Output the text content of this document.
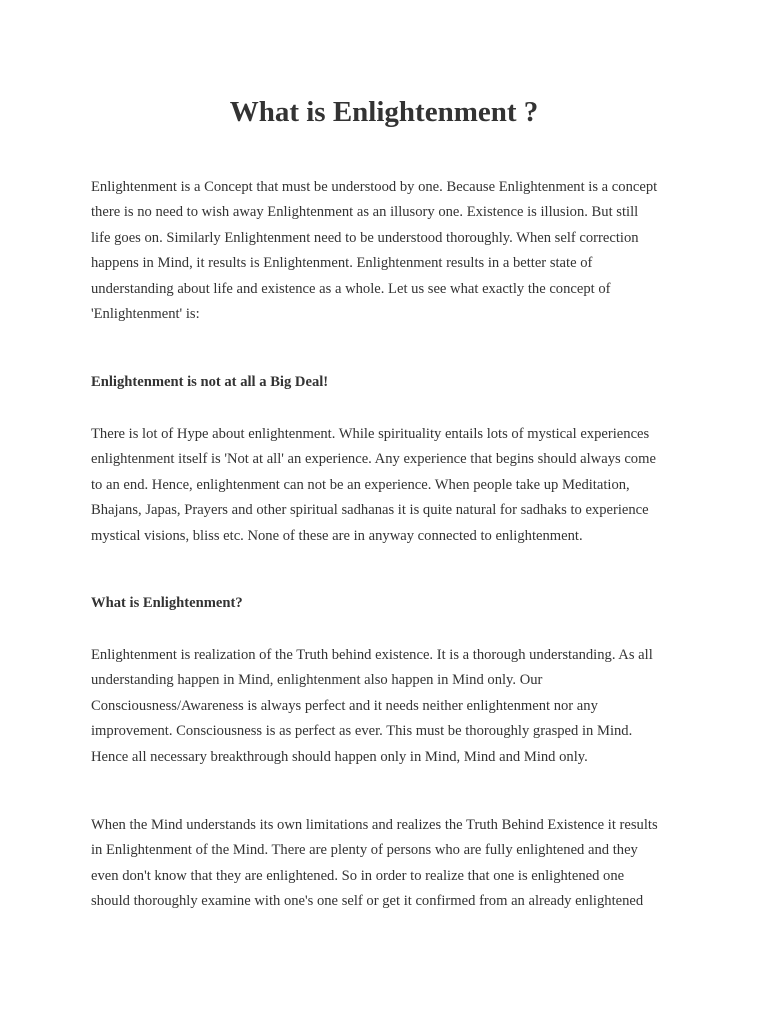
What is Enlightenment ?

Enlightenment is a Concept that must be understood by one. Because Enlightenment is a concept
there is no need to wish away Enlightenment as an illusory one. Existence is illusion. But still
life goes on. Similarly Enlightenment need to be understood thoroughly. When self correction
happens in Mind, it results is Enlightenment. Enlightenment results in a better state of
understanding about life and existence as a whole. Let us see what exactly the concept of
'Enlightenment' is:

Enlightenment is not at all a Big Deal!

There is lot of Hype about enlightenment. While spirituality entails lots of mystical experiences
enlightenment itself is 'Not at all' an experience. Any experience that begins should always come
to an end. Hence, enlightenment can not be an experience. When people take up Meditation,
Bhajans, Japas, Prayers and other spiritual sadhanas it is quite natural for sadhaks to experience
mystical visions, bliss etc. None of these are in anyway connected to enlightenment.

What is Enlightenment?

Enlightenment is realization of the Truth behind existence. It is a thorough understanding. As all
understanding happen in Mind, enlightenment also happen in Mind only. Our
Consciousness/Awareness is always perfect and it needs neither enlightenment nor any
improvement. Consciousness is as perfect as ever. This must be thoroughly grasped in Mind.
Hence all necessary breakthrough should happen only in Mind, Mind and Mind only.

When the Mind understands its own limitations and realizes the Truth Behind Existence it results
in Enlightenment of the Mind. There are plenty of persons who are fully enlightened and they
even don't know that they are enlightened. So in order to realize that one is enlightened one
should thoroughly examine with one's one self or get it confirmed from an already enlightened
